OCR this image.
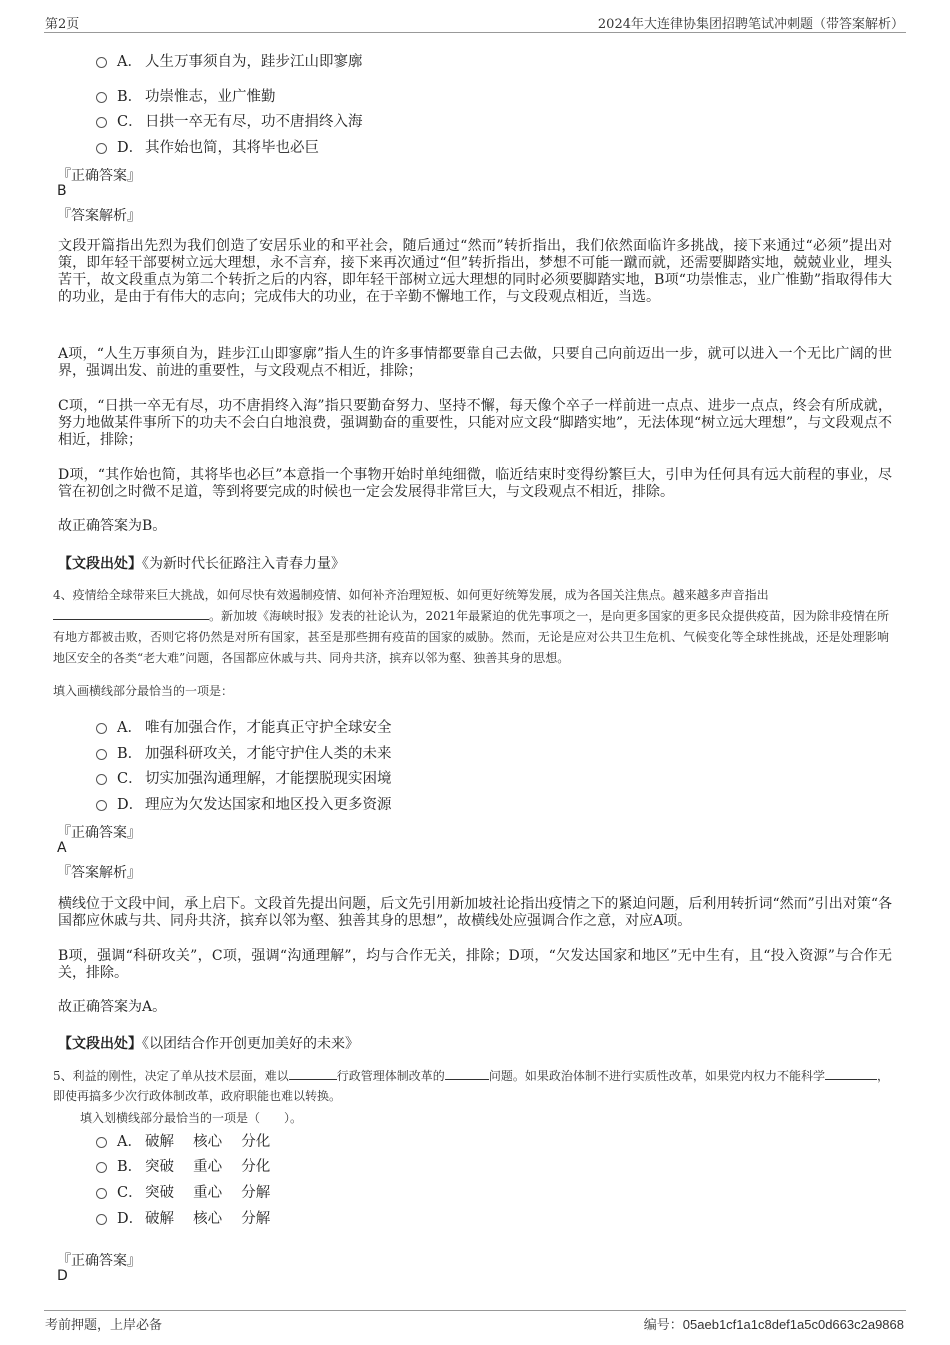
第2页	2024年大连律协集团招聘笔试冲刺题（带答案解析）
A． 人生万事须自为，跬步江山即寥廓
B． 功崇惟志，业广惟勤
C． 日拱一卒无有尽，功不唐捐终入海
D． 其作始也简，其将毕也必巨
『正确答案』
B
『答案解析』
文段开篇指出先烈为我们创造了安居乐业的和平社会，随后通过“然而”转折指出，我们依然面临许多挑战，接下来通过“必须”提出对策，即年轻干部要树立远大理想，永不言弃，接下来再次通过“但”转折指出，梦想不可能一蹴而就，还需要脚踏实地，兢兢业业，埋头苦干，故文段重点为第二个转折之后的内容，即年轻干部树立远大理想的同时必须要脚踏实地，B项“功崇惟志，业广惟勤”指取得伟大的功业，是由于有伟大的志向；完成伟大的功业，在于辛勤不懈地工作，与文段观点相近，当选。
A项，“人生万事须自为，跬步江山即寥廓”指人生的许多事情都要靠自己去做，只要自己向前迈出一步，就可以进入一个无比广阔的世界，强调出发、前进的重要性，与文段观点不相近，排除；
C项，“日拱一卒无有尽，功不唐捐终入海”指只要勤奋努力、坚持不懈，每天像个卒子一样前进一点点、进步一点点，终会有所成就，努力地做某件事所下的功夫不会白白地浪费，强调勤奋的重要性，只能对应文段“脚踏实地”，无法体现“树立远大理想”，与文段观点不相近，排除；
D项，“其作始也简，其将毕也必巨”本意指一个事物开始时单纯细微，临近结束时变得纷繁巨大，引申为任何具有远大前程的事业，尽管在初创之时微不足道，等到将要完成的时候也一定会发展得非常巨大，与文段观点不相近，排除。
故正确答案为B。
【文段出处】《为新时代长征路注入青春力量》
4、疫情给全球带来巨大挑战，如何尽快有效遏制疫情、如何补齐治理短板、如何更好统筹发展，成为各国关注焦点。越来越多声音指出
。新加坡《海峡时报》发表的社论认为，2021年最紧迫的优先事项之一，是向更多国家的更多民众提供疫苗，因为除非疫情在所有地方都被击败，否则它将仍然是对所有国家，甚至是那些拥有疫苗的国家的威胁。然而，无论是应对公共卫生危机、气候变化等全球性挑战，还是处理影响地区安全的各类“老大难”问题，各国都应休戚与共、同舟共济，摈弃以邻为壑、独善其身的思想。
填入画横线部分最恰当的一项是：
A． 唯有加强合作，才能真正守护全球安全
B． 加强科研攻关，才能守护住人类的未来
C． 切实加强沟通理解，才能摆脱现实困境
D． 理应为欠发达国家和地区投入更多资源
『正确答案』
A
『答案解析』
横线位于文段中间，承上启下。文段首先提出问题，后文先引用新加坡社论指出疫情之下的紧迫问题，后利用转折词“然而”引出对策“各国都应休戚与共、同舟共济，摈弃以邻为壑、独善其身的思想”，故横线处应强调合作之意，对应A项。
B项，强调“科研攻关”，C项，强调“沟通理解”，均与合作无关，排除；D项，“欠发达国家和地区”无中生有，且“投入资源”与合作无关，排除。
故正确答案为A。
【文段出处】《以团结合作开创更加美好的未来》
5、利益的刚性，决定了单从技术层面，难以	行政管理体制改革的	问题。如果政治体制不进行实质性改革，如果党内权力不能科学	，即使再搞多少次行政体制改革，政府职能也难以转换。
填入划横线部分最恰当的一项是（　　）。
A． 破解　 核心　 分化
B． 突破　 重心　 分化
C． 突破　 重心　 分解
D． 破解　 核心　 分解
『正确答案』
D
考前押题，上岸必备	编号：05aeb1cf1a1c8def1a5c0d663c2a9868
